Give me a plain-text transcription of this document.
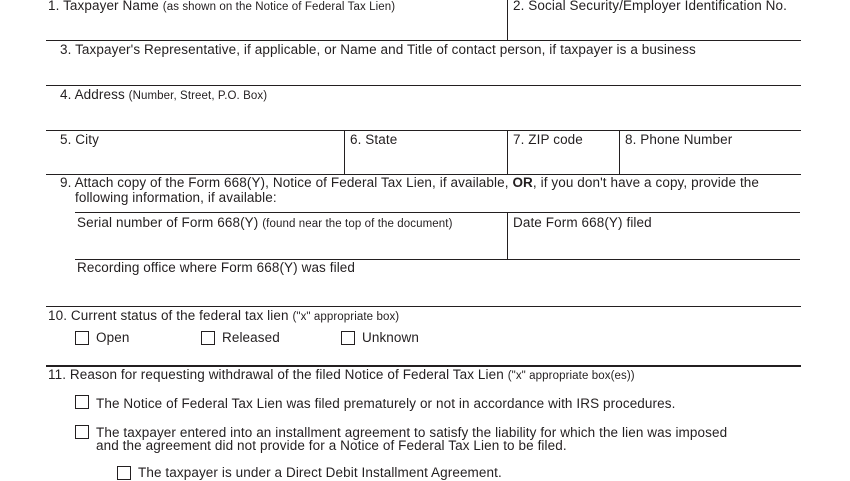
1. Taxpayer Name (as shown on the Notice of Federal Tax Lien)	2. Social Security/Employer Identification No.
3. Taxpayer's Representative, if applicable, or Name and Title of contact person, if taxpayer is a business
4. Address (Number, Street, P.O. Box)
5. City	6. State	7. ZIP code	8. Phone Number
9. Attach copy of the Form 668(Y), Notice of Federal Tax Lien, if available, OR, if you don't have a copy, provide the
following information, if available:
Serial number of Form 668(Y) (found near the top of the document)	Date Form 668(Y) filed
Recording office where Form 668(Y) was filed
10. Current status of the federal tax lien ("x" appropriate box)
Open	Released	Unknown
11. Reason for requesting withdrawal of the filed Notice of Federal Tax Lien ("x" appropriate box(es))
The Notice of Federal Tax Lien was filed prematurely or not in accordance with IRS procedures.
The taxpayer entered into an installment agreement to satisfy the liability for which the lien was imposed
and the agreement did not provide for a Notice of Federal Tax Lien to be filed.
The taxpayer is under a Direct Debit Installment Agreement.
